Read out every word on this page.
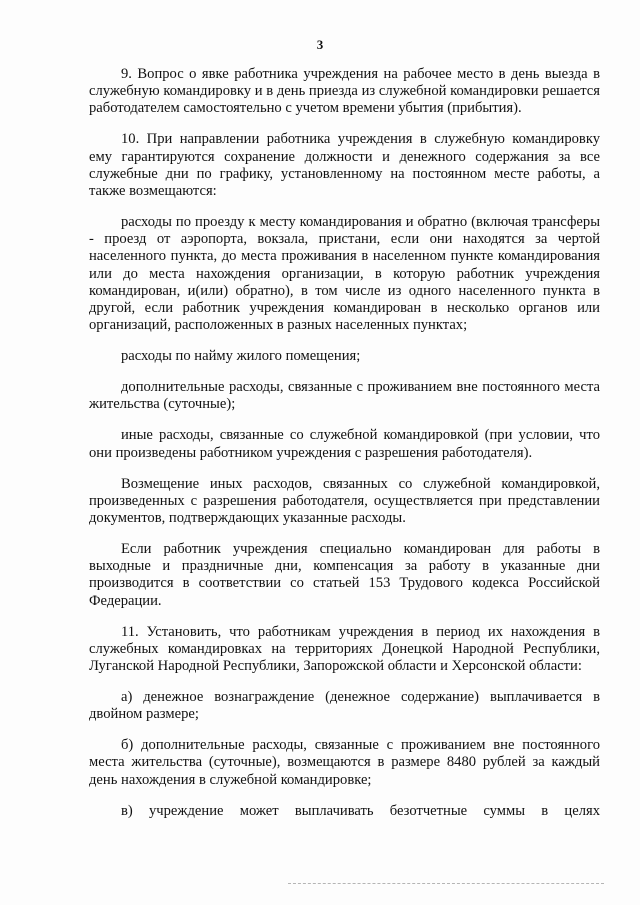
3

9. Вопрос о явке работника учреждения на рабочее место в день выезда в служебную командировку и в день приезда из служебной командировки решается работодателем самостоятельно с учетом времени убытия (прибытия).

10. При направлении работника учреждения в служебную командировку ему гарантируются сохранение должности и денежного содержания за все служебные дни по графику, установленному на постоянном месте работы, а также возмещаются:

расходы по проезду к месту командирования и обратно (включая трансферы - проезд от аэропорта, вокзала, пристани, если они находятся за чертой населенного пункта, до места проживания в населенном пункте командирования или до места нахождения организации, в которую работник учреждения командирован, и(или) обратно), в том числе из одного населенного пункта в другой, если работник учреждения командирован в несколько органов или организаций, расположенных в разных населенных пунктах;

расходы по найму жилого помещения;

дополнительные расходы, связанные с проживанием вне постоянного места жительства (суточные);

иные расходы, связанные со служебной командировкой (при условии, что они произведены работником учреждения с разрешения работодателя).

Возмещение иных расходов, связанных со служебной командировкой, произведенных с разрешения работодателя, осуществляется при представлении документов, подтверждающих указанные расходы.

Если работник учреждения специально командирован для работы в выходные и праздничные дни, компенсация за работу в указанные дни производится в соответствии со статьей 153 Трудового кодекса Российской Федерации.

11. Установить, что работникам учреждения в период их нахождения в служебных командировках на территориях Донецкой Народной Республики, Луганской Народной Республики, Запорожской области и Херсонской области:

а) денежное вознаграждение (денежное содержание) выплачивается в двойном размере;

б) дополнительные расходы, связанные с проживанием вне постоянного места жительства (суточные), возмещаются в размере 8480 рублей за каждый день нахождения в служебной командировке;

в) учреждение может выплачивать безотчетные суммы в целях
